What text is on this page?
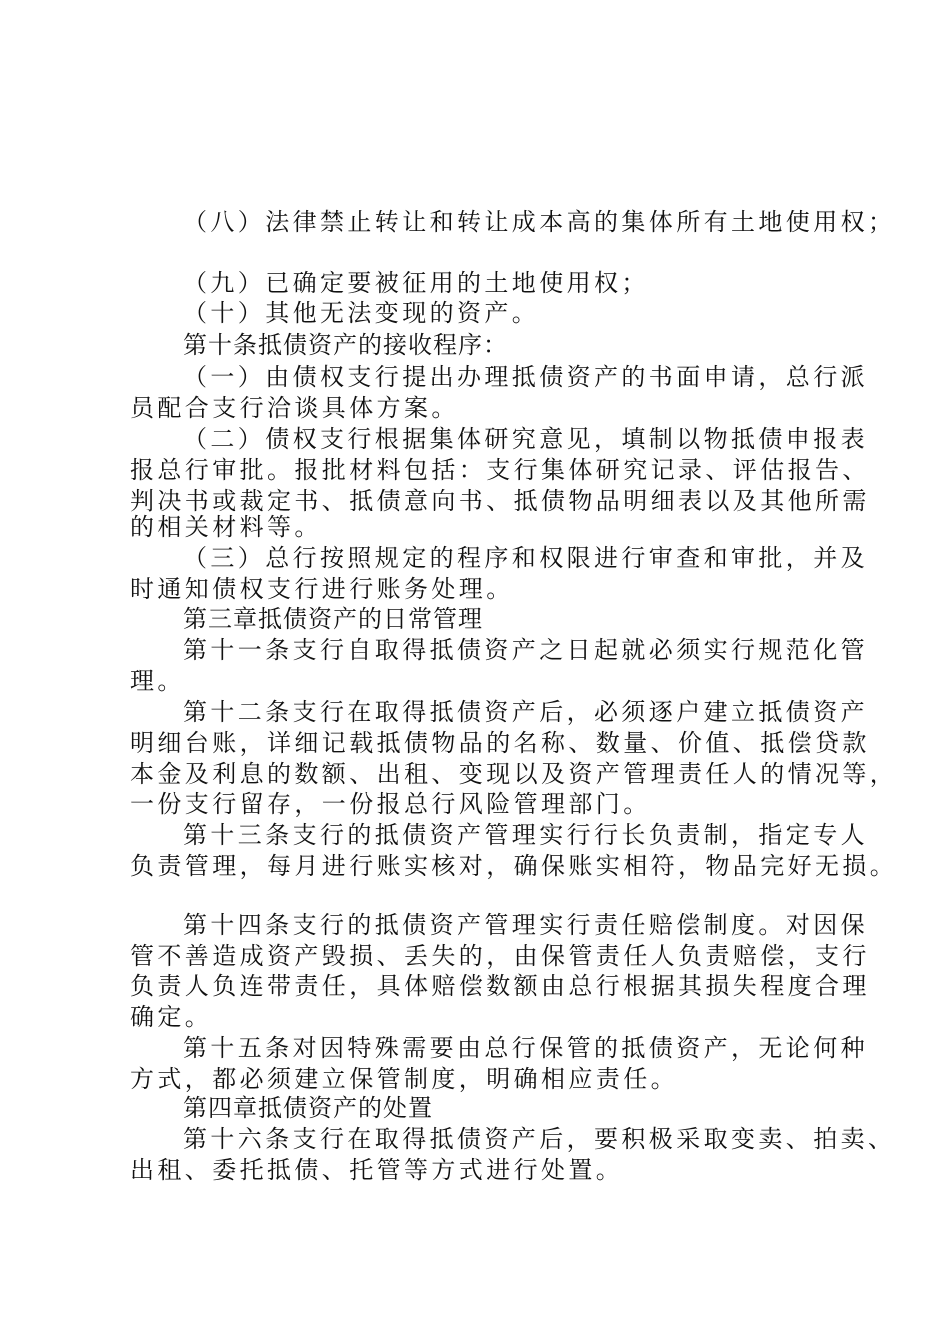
（八）法律禁止转让和转让成本高的集体所有土地使用权；
（九）已确定要被征用的土地使用权；
（十）其他无法变现的资产。
第十条抵债资产的接收程序：
（一）由债权支行提出办理抵债资产的书面申请，总行派
员配合支行洽谈具体方案。
（二）债权支行根据集体研究意见，填制以物抵债申报表
报总行审批。报批材料包括：支行集体研究记录、评估报告、
判决书或裁定书、抵债意向书、抵债物品明细表以及其他所需
的相关材料等。
（三）总行按照规定的程序和权限进行审查和审批，并及
时通知债权支行进行账务处理。
第三章抵债资产的日常管理
第十一条支行自取得抵债资产之日起就必须实行规范化管
理。
第十二条支行在取得抵债资产后，必须逐户建立抵债资产
明细台账，详细记载抵债物品的名称、数量、价值、抵偿贷款
本金及利息的数额、出租、变现以及资产管理责任人的情况等，
一份支行留存，一份报总行风险管理部门。
第十三条支行的抵债资产管理实行行长负责制，指定专人
负责管理，每月进行账实核对，确保账实相符，物品完好无损。
第十四条支行的抵债资产管理实行责任赔偿制度。对因保
管不善造成资产毁损、丢失的，由保管责任人负责赔偿，支行
负责人负连带责任，具体赔偿数额由总行根据其损失程度合理
确定。
第十五条对因特殊需要由总行保管的抵债资产，无论何种
方式，都必须建立保管制度，明确相应责任。
第四章抵债资产的处置
第十六条支行在取得抵债资产后，要积极采取变卖、拍卖、
出租、委托抵债、托管等方式进行处置。
